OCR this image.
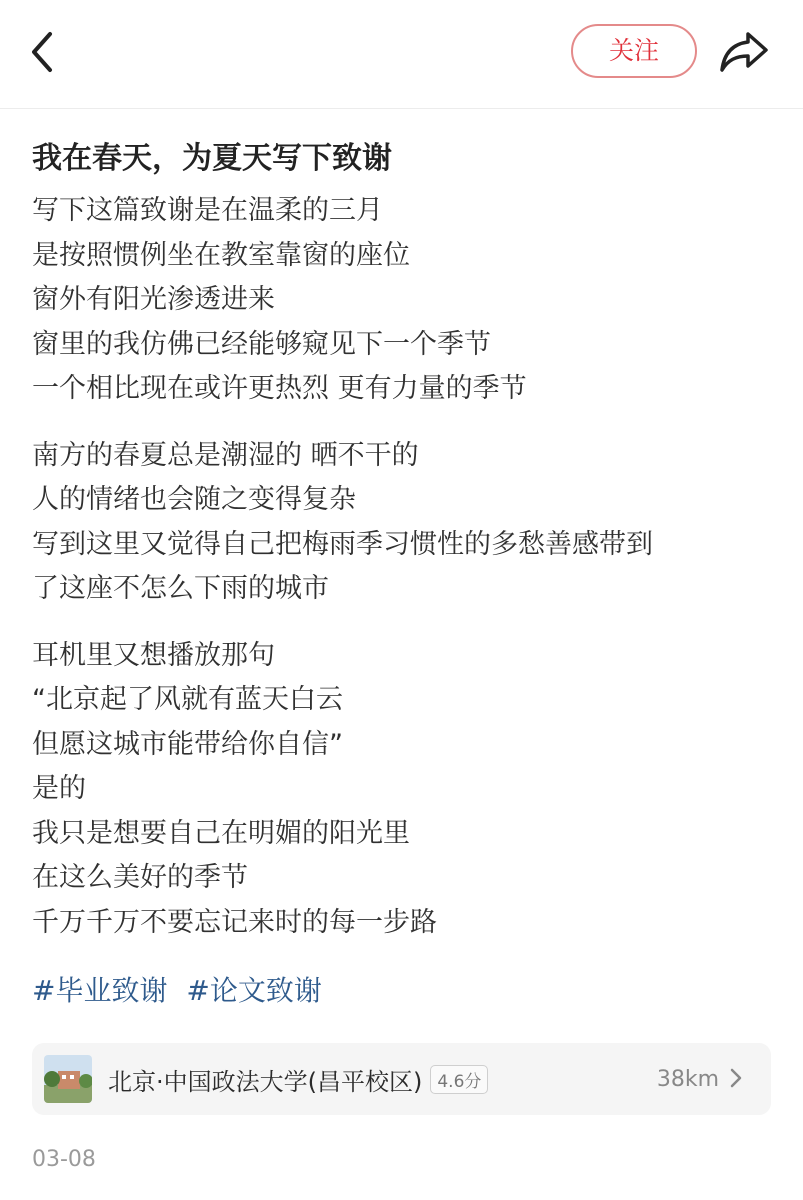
关注
我在春天，为夏天写下致谢
写下这篇致谢是在温柔的三月
是按照惯例坐在教室靠窗的座位
窗外有阳光渗透进来
窗里的我仿佛已经能够窥见下一个季节
一个相比现在或许更热烈 更有力量的季节
南方的春夏总是潮湿的 晒不干的
人的情绪也会随之变得复杂
写到这里又觉得自己把梅雨季习惯性的多愁善感带到
了这座不怎么下雨的城市
耳机里又想播放那句
“北京起了风就有蓝天白云
但愿这城市能带给你自信”
是的
我只是想要自己在明媚的阳光里
在这么美好的季节
千万千万不要忘记来时的每一步路
#毕业致谢 #论文致谢
北京·中国政法大学(昌平校区) 4.6分	38km
03-08
